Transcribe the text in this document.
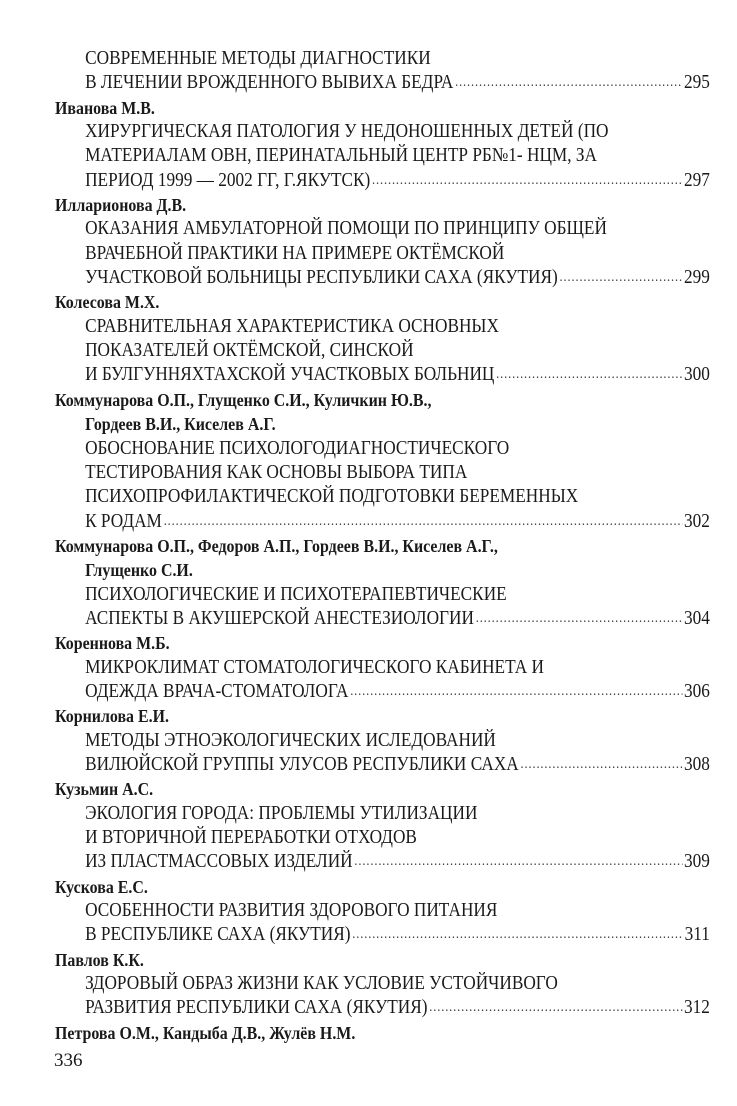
СОВРЕМЕННЫЕ МЕТОДЫ ДИАГНОСТИКИ
В ЛЕЧЕНИИ ВРОЖДЕННОГО ВЫВИХА БЕДРА .....	295
Иванова М.В.
ХИРУРГИЧЕСКАЯ ПАТОЛОГИЯ У НЕДОНОШЕННЫХ ДЕТЕЙ (ПО
МАТЕРИАЛАМ ОВН, ПЕРИНАТАЛЬНЫЙ ЦЕНТР РБ№1- НЦМ, ЗА
ПЕРИОД 1999 — 2002 ГГ, Г.ЯКУТСК) .....	297
Илларионова Д.В.
ОКАЗАНИЯ АМБУЛАТОРНОЙ ПОМОЩИ ПО ПРИНЦИПУ ОБЩЕЙ
ВРАЧЕБНОЙ ПРАКТИКИ НА ПРИМЕРЕ ОКТЁМСКОЙ
УЧАСТКОВОЙ БОЛЬНИЦЫ РЕСПУБЛИКИ САХА (ЯКУТИЯ) .....	299
Колесова М.Х.
СРАВНИТЕЛЬНАЯ ХАРАКТЕРИСТИКА ОСНОВНЫХ
ПОКАЗАТЕЛЕЙ ОКТЁМСКОЙ, СИНСКОЙ
И БУЛГУННЯХТАХСКОЙ УЧАСТКОВЫХ БОЛЬНИЦ .....	300
Коммунарова О.П., Глущенко С.И., Куличкин Ю.В.,
Гордеев В.И., Киселев А.Г.
ОБОСНОВАНИЕ ПСИХОЛОГОДИАГНОСТИЧЕСКОГО
ТЕСТИРОВАНИЯ КАК ОСНОВЫ ВЫБОРА ТИПА
ПСИХОПРОФИЛАКТИЧЕСКОЙ ПОДГОТОВКИ БЕРЕМЕННЫХ
К РОДАМ .....	302
Коммунарова О.П., Федоров А.П., Гордеев В.И., Киселев А.Г.,
Глущенко С.И.
ПСИХОЛОГИЧЕСКИЕ И ПСИХОТЕРАПЕВТИЧЕСКИЕ
АСПЕКТЫ В АКУШЕРСКОЙ АНЕСТЕЗИОЛОГИИ .....	304
Кореннова М.Б.
МИКРОКЛИМАТ СТОМАТОЛОГИЧЕСКОГО КАБИНЕТА И
ОДЕЖДА ВРАЧА-СТОМАТОЛОГА .....	306
Корнилова Е.И.
МЕТОДЫ ЭТНОЭКОЛОГИЧЕСКИХ ИСЛЕДОВАНИЙ
ВИЛЮЙСКОЙ ГРУППЫ УЛУСОВ РЕСПУБЛИКИ САХА .....	308
Кузьмин А.С.
ЭКОЛОГИЯ ГОРОДА: ПРОБЛЕМЫ УТИЛИЗАЦИИ
И ВТОРИЧНОЙ ПЕРЕРАБОТКИ ОТХОДОВ
ИЗ ПЛАСТМАССОВЫХ ИЗДЕЛИЙ .....	309
Кускова Е.С.
ОСОБЕННОСТИ РАЗВИТИЯ ЗДОРОВОГО ПИТАНИЯ
В РЕСПУБЛИКЕ САХА (ЯКУТИЯ) .....	311
Павлов К.К.
ЗДОРОВЫЙ ОБРАЗ ЖИЗНИ КАК УСЛОВИЕ УСТОЙЧИВОГО
РАЗВИТИЯ РЕСПУБЛИКИ САХА (ЯКУТИЯ) .....	312
Петрова О.М., Кандыба Д.В., Жулёв Н.М.
336
